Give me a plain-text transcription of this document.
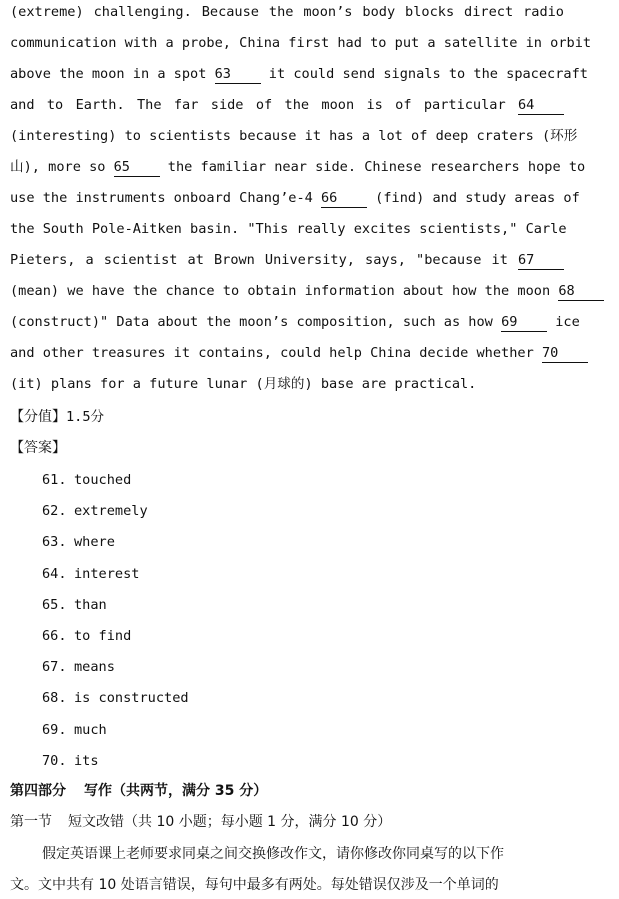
(extreme) challenging. Because the moon’s body blocks direct radio
communication with a probe, China first had to put a satellite in orbit
above the moon in a spot 63 it could send signals to the spacecraft
and to Earth. The far side of the moon is of particular 64
(interesting) to scientists because it has a lot of deep craters (环形
山), more so 65 the familiar near side. Chinese researchers hope to
use the instruments onboard Chang’e-4 66 (find) and study areas of
the South Pole-Aitken basin. "This really excites scientists," Carle
Pieters, a scientist at Brown University, says, "because it 67
(mean) we have the chance to obtain information about how the moon 68
(construct)" Data about the moon’s composition, such as how 69 ice
and other treasures it contains, could help China decide whether 70
(it) plans for a future lunar (月球的) base are practical.
【分值】1.5分
【答案】
61. touched
62. extremely
63. where
64. interest
65. than
66. to find
67. means
68. is constructed
69. much
70. its
第四部分 写作（共两节，满分 35 分）
第一节 短文改错（共 10 小题；每小题 1 分，满分 10 分）
假定英语课上老师要求同桌之间交换修改作文，请你修改你同桌写的以下作
文。文中共有 10 处语言错误，每句中最多有两处。每处错误仅涉及一个单词的
